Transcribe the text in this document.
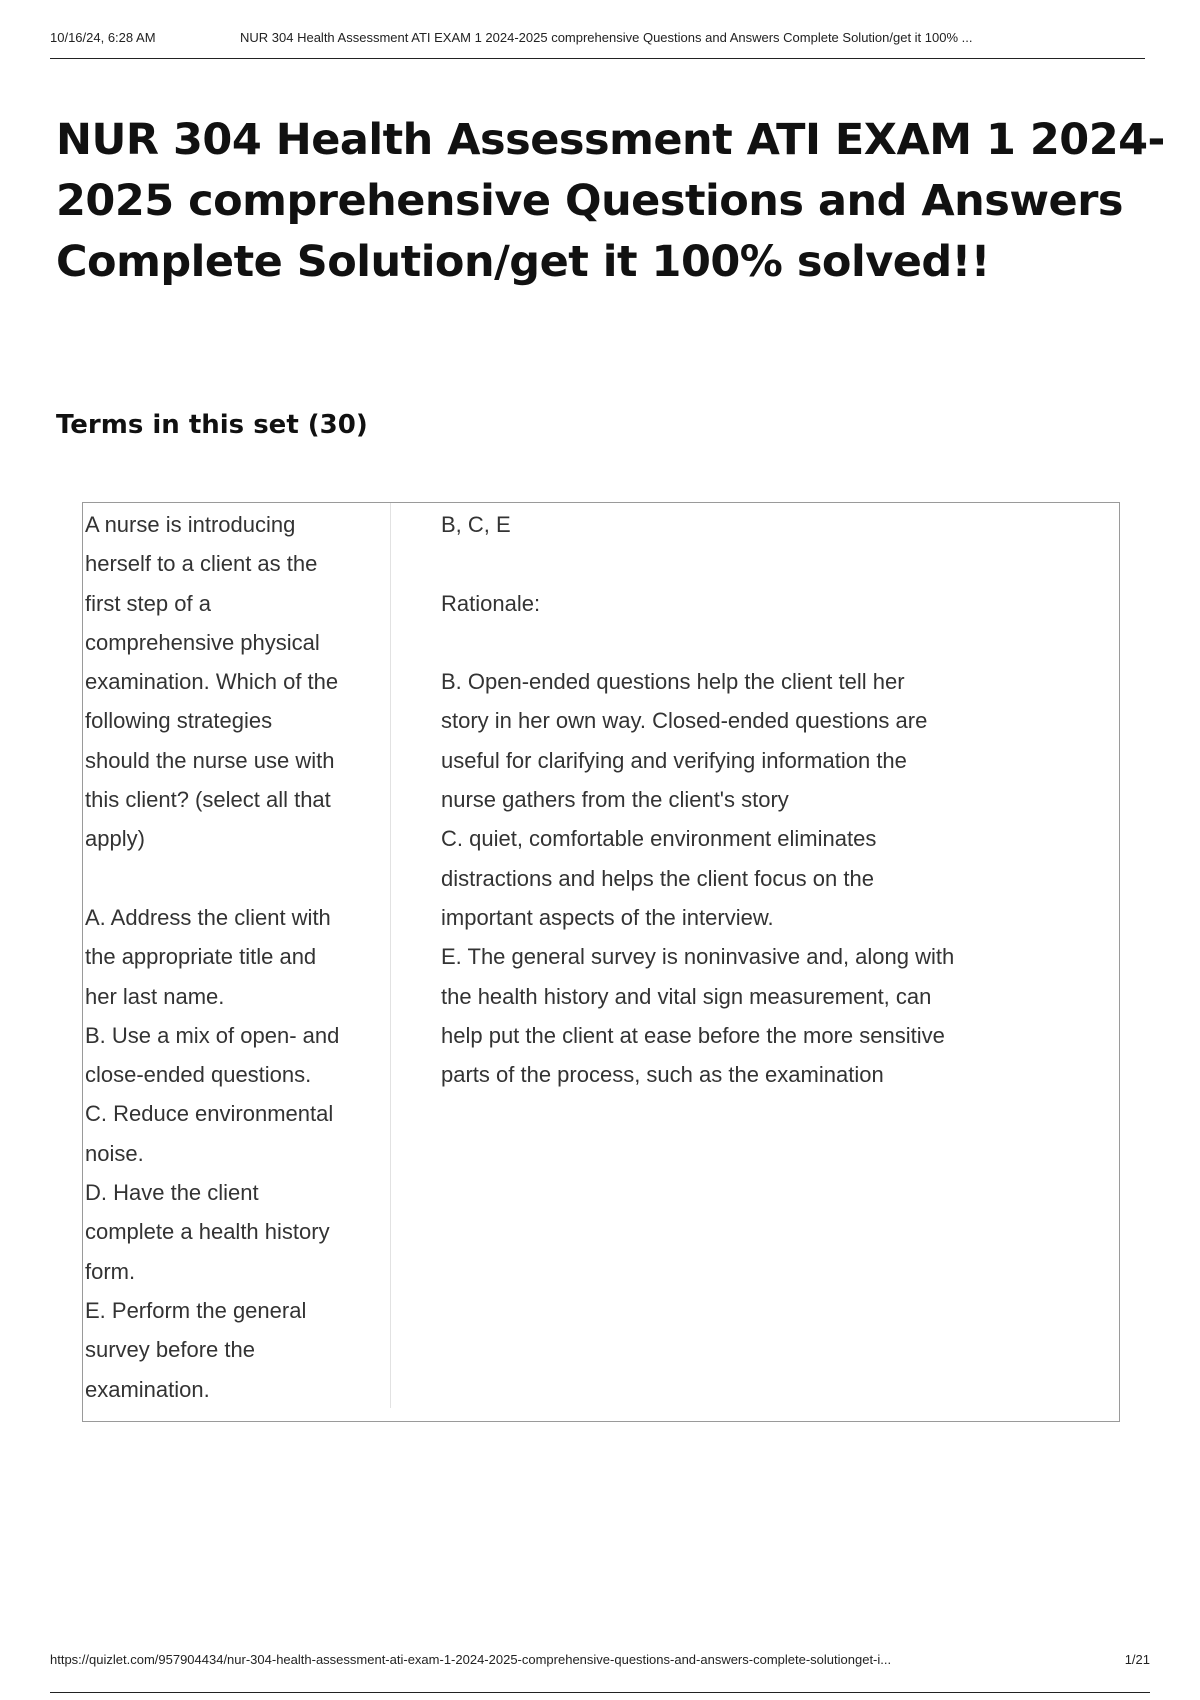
10/16/24, 6:28 AM	NUR 304 Health Assessment ATI EXAM 1 2024-2025 comprehensive Questions and Answers Complete Solution/get it 100% ...
NUR 304 Health Assessment ATI EXAM 1 2024-
2025 comprehensive Questions and Answers
Complete Solution/get it 100% solved!!
Terms in this set (30)
A nurse is introducing
herself to a client as the
first step of a
comprehensive physical
examination. Which of the
following strategies
should the nurse use with
this client? (select all that
apply)
A. Address the client with
the appropriate title and
her last name.
B. Use a mix of open- and
close-ended questions.
C. Reduce environmental
noise.
D. Have the client
complete a health history
form.
E. Perform the general
survey before the
examination.
B, C, E
Rationale:
B. Open-ended questions help the client tell her
story in her own way. Closed-ended questions are
useful for clarifying and verifying information the
nurse gathers from the client's story
C. quiet, comfortable environment eliminates
distractions and helps the client focus on the
important aspects of the interview.
E. The general survey is noninvasive and, along with
the health history and vital sign measurement, can
help put the client at ease before the more sensitive
parts of the process, such as the examination
https://quizlet.com/957904434/nur-304-health-assessment-ati-exam-1-2024-2025-comprehensive-questions-and-answers-complete-solutionget-i...	1/21
